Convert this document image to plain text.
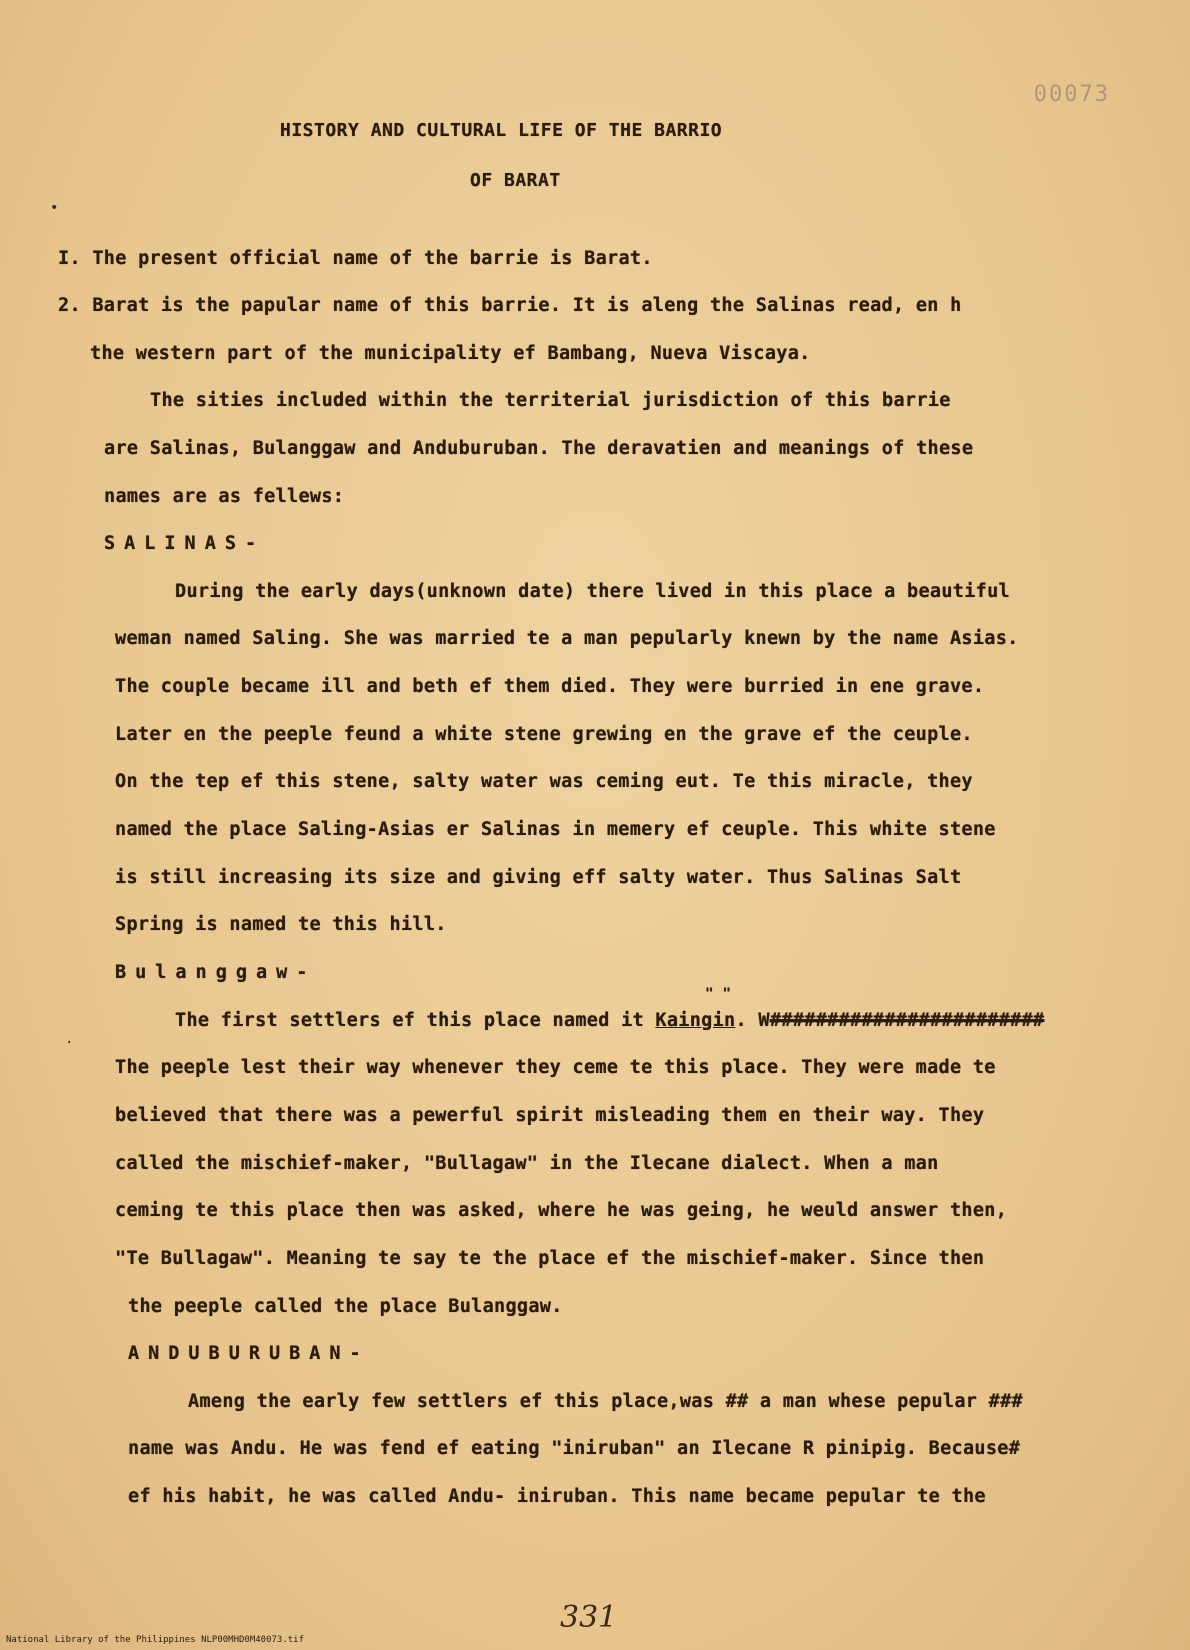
00073
HISTORY AND CULTURAL LIFE OF THE BARRIO
OF BARAT
•
I. The present official name of the barrie is Barat.
2. Barat is the papular name of this barrie. It is aleng the Salinas read, en h
the western part of the municipality ef Bambang, Nueva Viscaya.
The sities included within the territerial jurisdiction of this barrie
are Salinas, Bulanggaw and Anduburuban. The deravatien and meanings of these
names are as fellews:
SALINAS-
During the early days(unknown date) there lived in this place a beautiful
weman named Saling. She was married te a man pepularly knewn by the name Asias.
The couple became ill and beth ef them died. They were burried in ene grave.
Later en the peeple feund a white stene grewing en the grave ef the ceuple.
On the tep ef this stene, salty water was ceming eut. Te this miracle, they
named the place Saling-Asias er Salinas in memery ef ceuple. This white stene
is still increasing its size and giving eff salty water. Thus Salinas Salt
Spring is named te this hill.
Bulanggaw-
" "
The first settlers ef this place named it Kaingin. W########################
The peeple lest their way whenever they ceme te this place. They were made te
believed that there was a pewerful spirit misleading them en their way. They
called the mischief-maker, "Bullagaw" in the Ilecane dialect. When a man
ceming te this place then was asked, where he was geing, he weuld answer then,
"Te Bullagaw". Meaning te say te the place ef the mischief-maker. Since then
the peeple called the place Bulanggaw.
ANDUBURUBAN-
Ameng the early few settlers ef this place,was ## a man whese pepular ###
name was Andu. He was fend ef eating "iniruban" an Ilecane R pinipig. Because#
ef his habit, he was called Andu- iniruban. This name became pepular te the
·
331
National Library of the Philippines NLP00MHD0M40073.tif
